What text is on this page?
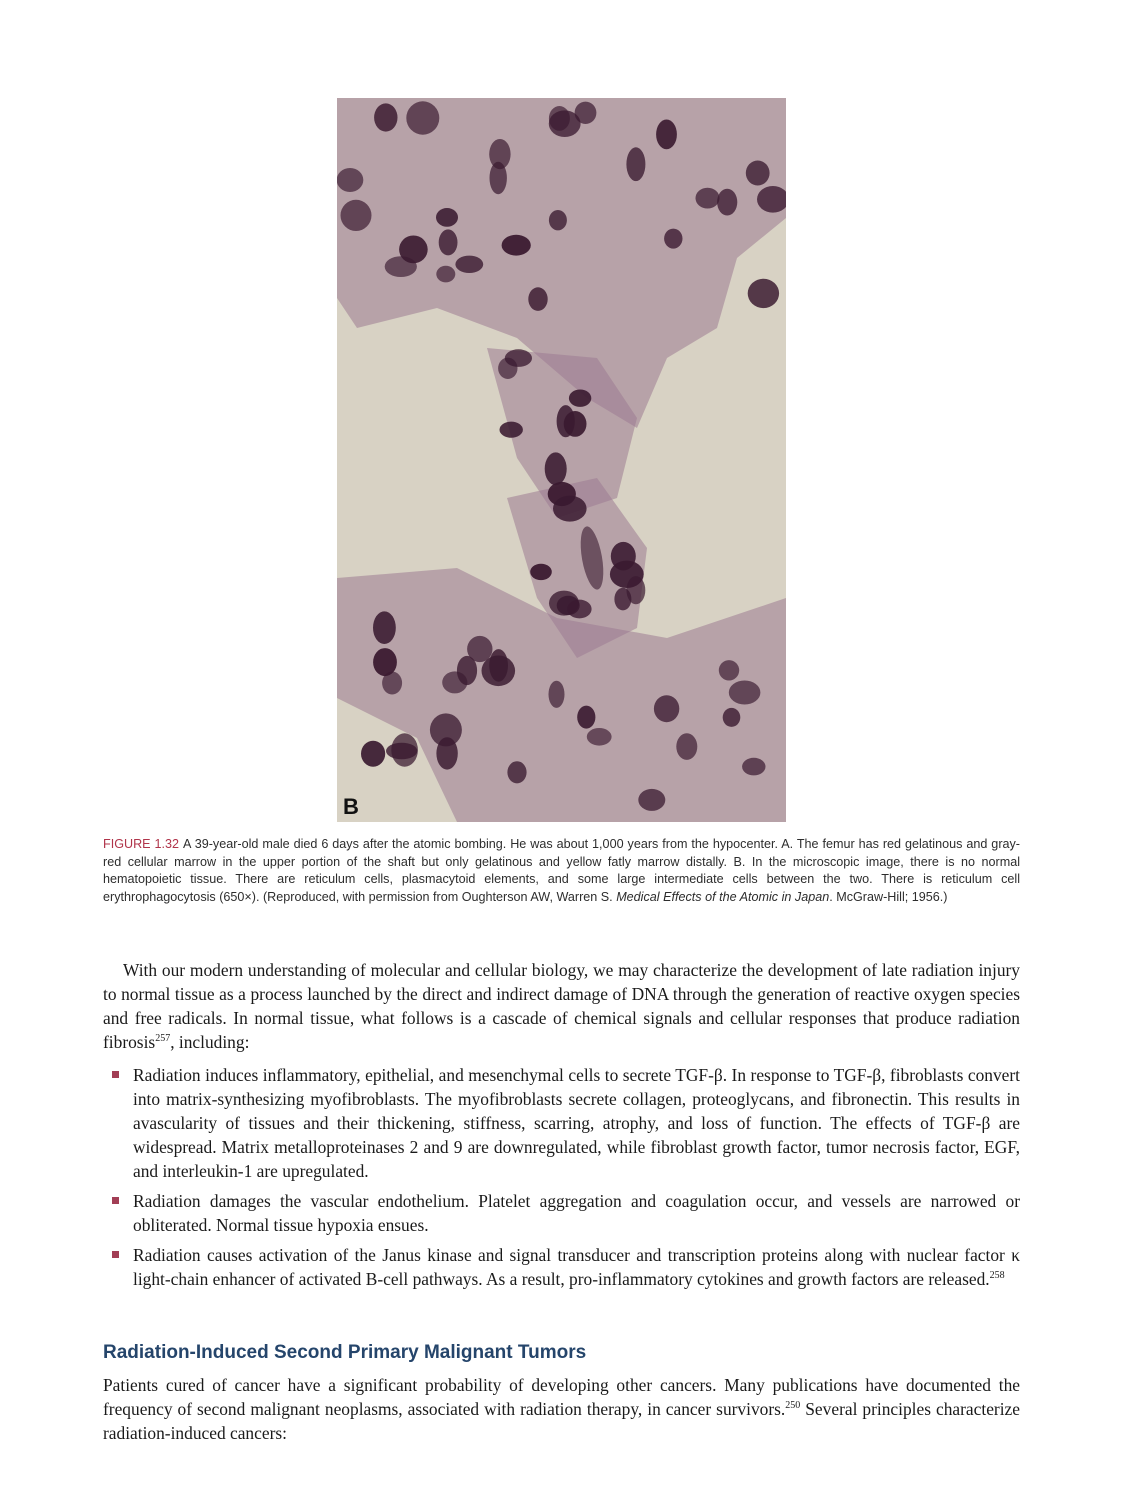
B
FIGURE 1.32 A 39-year-old male died 6 days after the atomic bombing. He was about 1,000 years from the hypocenter. A. The femur has red gelatinous and gray-red cellular marrow in the upper portion of the shaft but only gelatinous and yellow fatly marrow distally. B. In the microscopic image, there is no normal hematopoietic tissue. There are reticulum cells, plasmacytoid elements, and some large intermediate cells between the two. There is reticulum cell erythrophagocytosis (650×). (Reproduced, with permission from Oughterson AW, Warren S. Medical Effects of the Atomic in Japan. McGraw-Hill; 1956.)

With our modern understanding of molecular and cellular biology, we may characterize the development of late radiation injury to normal tissue as a process launched by the direct and indirect damage of DNA through the generation of reactive oxygen species and free radicals. In normal tissue, what follows is a cascade of chemical signals and cellular responses that produce radiation fibrosis$^{257}$, including:

Radiation induces inflammatory, epithelial, and mesenchymal cells to secrete TGF-β. In response to TGF-β, fibroblasts convert into matrix-synthesizing myofibroblasts. The myofibroblasts secrete collagen, proteoglycans, and fibronectin. This results in avascularity of tissues and their thickening, stiffness, scarring, atrophy, and loss of function. The effects of TGF-β are widespread. Matrix metalloproteinases 2 and 9 are downregulated, while fibroblast growth factor, tumor necrosis factor, EGF, and interleukin-1 are upregulated.
Radiation damages the vascular endothelium. Platelet aggregation and coagulation occur, and vessels are narrowed or obliterated. Normal tissue hypoxia ensues.
Radiation causes activation of the Janus kinase and signal transducer and transcription proteins along with nuclear factor κ light-chain enhancer of activated B-cell pathways. As a result, pro-inflammatory cytokines and growth factors are released.$^{258}$
Radiation-Induced Second Primary Malignant Tumors

Patients cured of cancer have a significant probability of developing other cancers. Many publications have documented the frequency of second malignant neoplasms, associated with radiation therapy, in cancer survivors.$^{250}$ Several principles characterize radiation-induced cancers:
